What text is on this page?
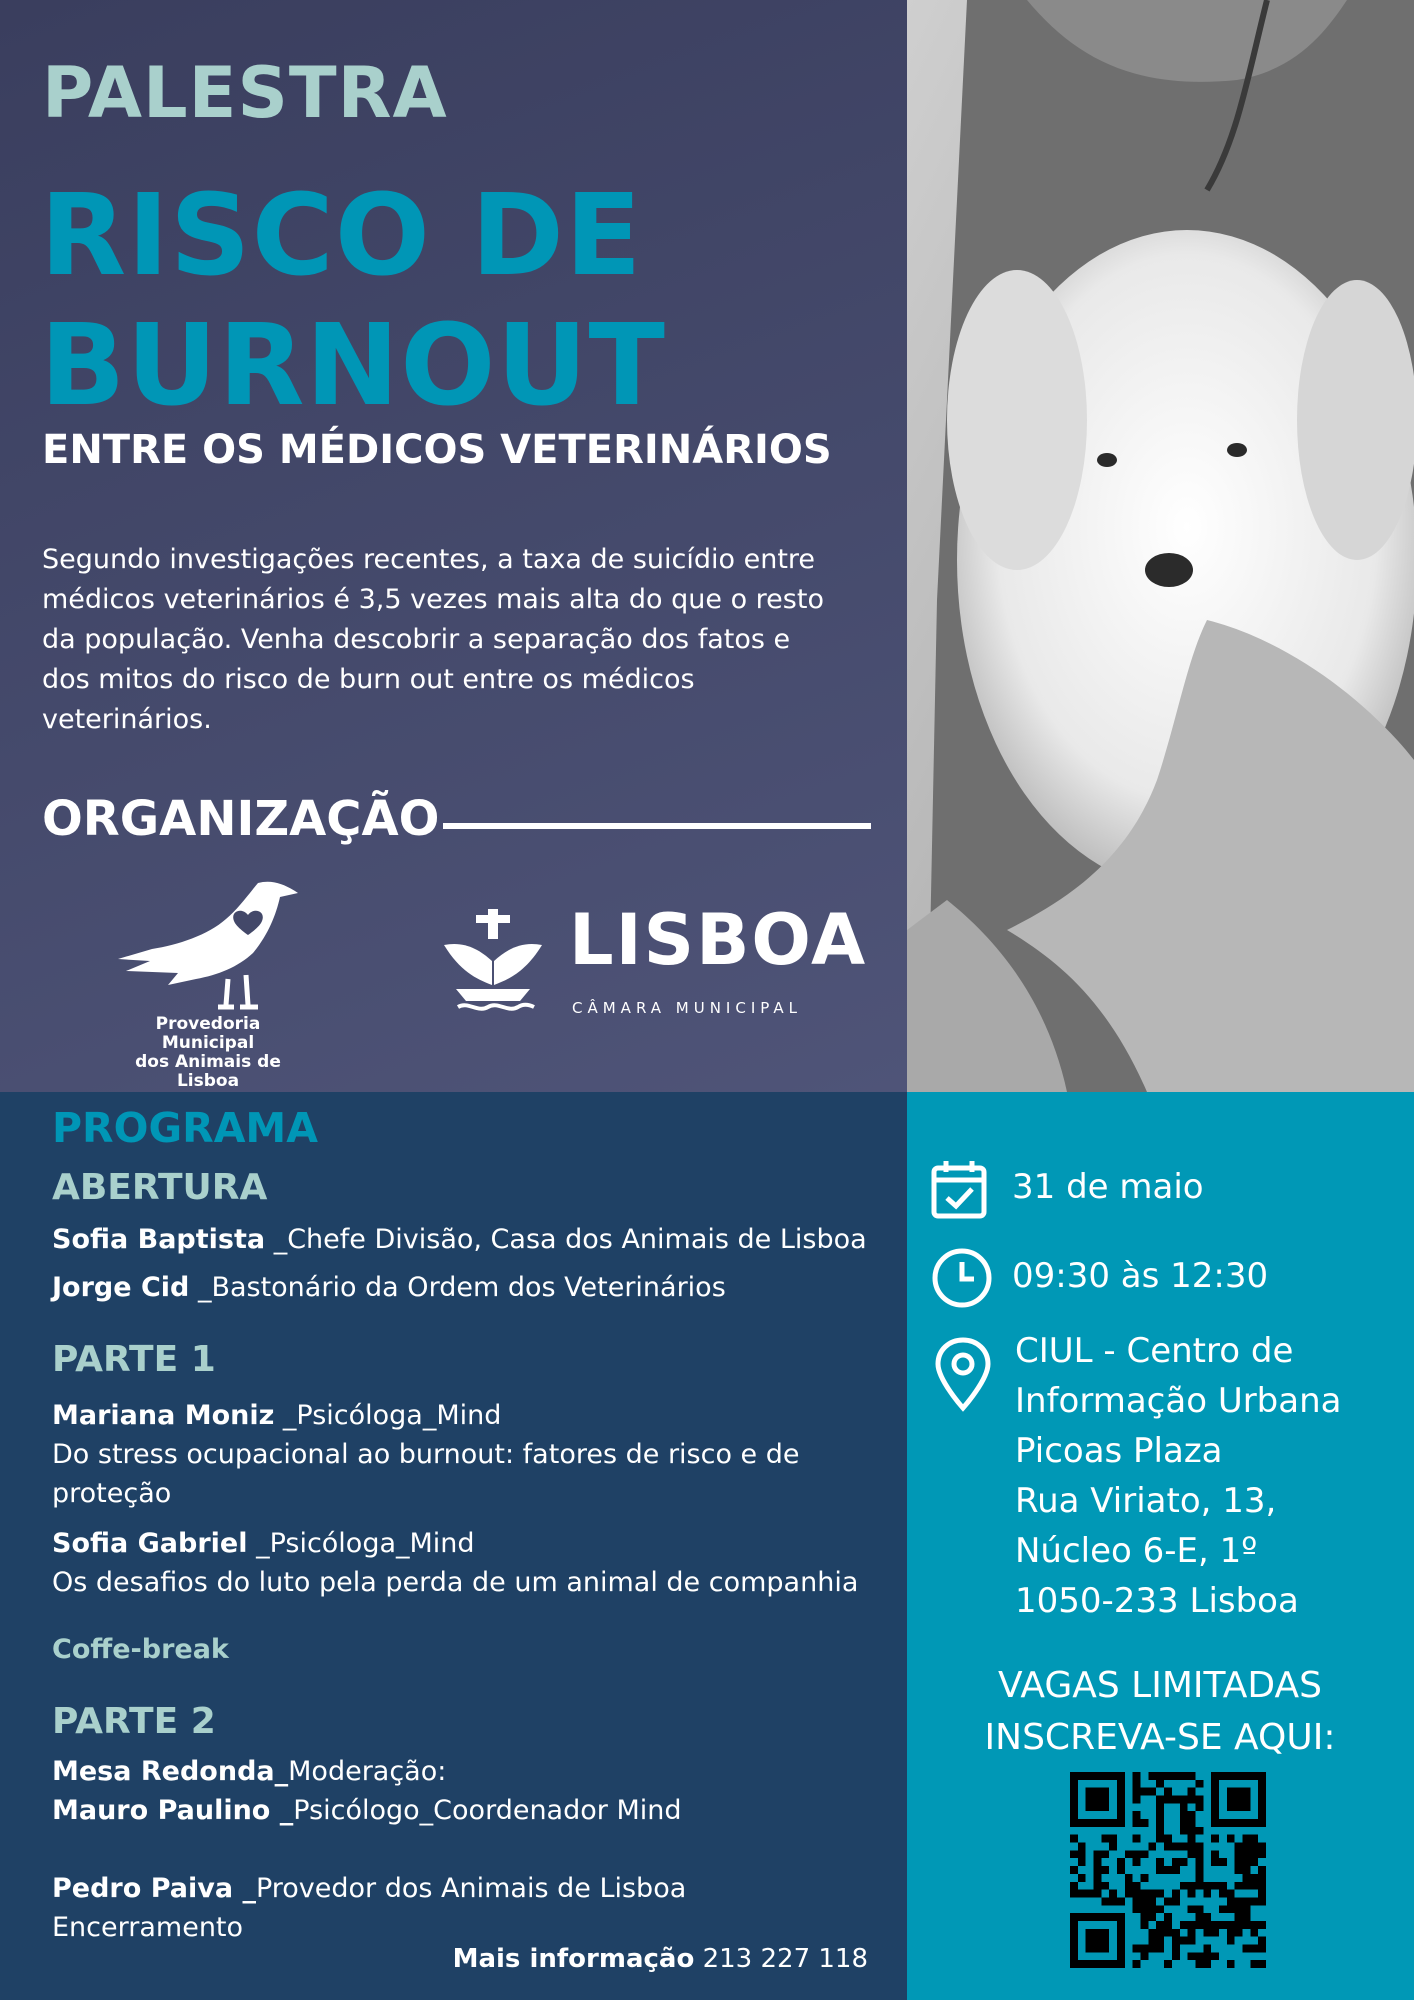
PALESTRA
RISCO DE
BURNOUT
ENTRE OS MÉDICOS VETERINÁRIOS

Segundo investigações recentes, a taxa de suicídio entre médicos veterinários é 3,5 vezes mais alta do que o resto da população. Venha descobrir a separação dos fatos e dos mitos do risco de burn out entre os médicos veterinários.

ORGANIZAÇÃO
Provedoria Municipal
dos Animais de Lisboa
LISBOA
CÂMARA MUNICIPAL
PROGRAMA
ABERTURA
Sofia Baptista _Chefe Divisão, Casa dos Animais de Lisboa
Jorge Cid _Bastonário da Ordem dos Veterinários
PARTE 1
Mariana Moniz _Psicóloga_Mind
Do stress ocupacional ao burnout: fatores de risco e de
proteção
Sofia Gabriel _Psicóloga_Mind
Os desafios do luto pela perda de um animal de companhia
Coffe-break
PARTE 2
Mesa Redonda_Moderação:
Mauro Paulino _Psicólogo_Coordenador Mind
Pedro Paiva _Provedor dos Animais de Lisboa
Encerramento
Mais informação 213 227 118
31 de maio
09:30 às 12:30
CIUL - Centro de
Informação Urbana
Picoas Plaza
Rua Viriato, 13,
Núcleo 6-E, 1º
1050-233 Lisboa
VAGAS LIMITADAS
INSCREVA-SE AQUI:
